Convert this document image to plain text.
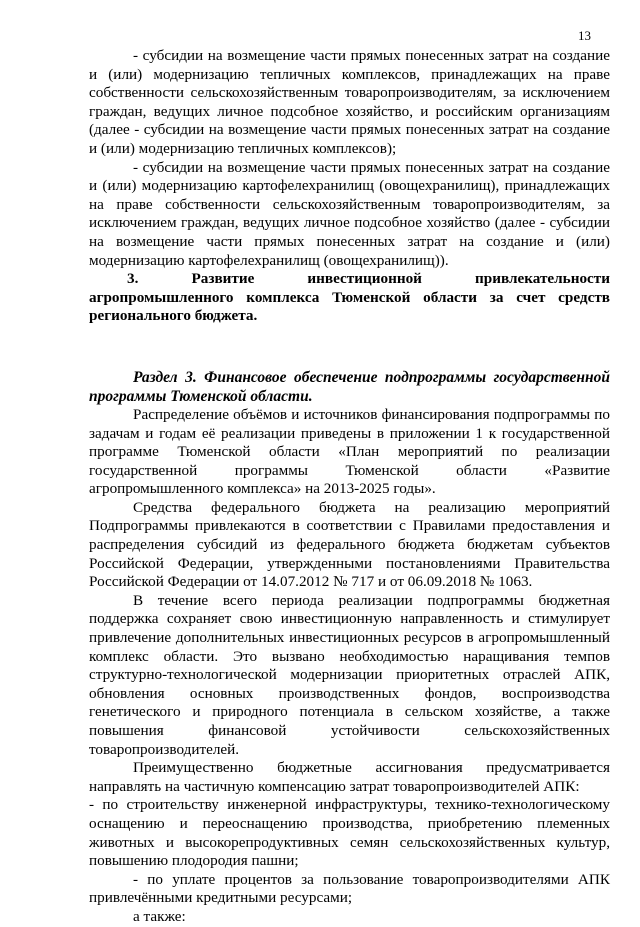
13

- субсидии на возмещение части прямых понесенных затрат на создание и (или) модернизацию тепличных комплексов, принадлежащих на праве собственности сельскохозяйственным товаропроизводителям, за исключением граждан, ведущих личное подсобное хозяйство, и российским организациям (далее - субсидии на возмещение части прямых понесенных затрат на создание и (или) модернизацию тепличных комплексов);

- субсидии на возмещение части прямых понесенных затрат на создание и (или) модернизацию картофелехранилищ (овощехранилищ), принадлежащих на праве собственности сельскохозяйственным товаропроизводителям, за исключением граждан, ведущих личное подсобное хозяйство (далее - субсидии на возмещение части прямых понесенных затрат на создание и (или) модернизацию картофелехранилищ (овощехранилищ)).

3. Развитие инвестиционной привлекательности агропромышленного комплекса Тюменской области за счет средств регионального бюджета.

Раздел 3. Финансовое обеспечение подпрограммы государственной программы Тюменской области.

Распределение объёмов и источников финансирования подпрограммы по задачам и годам её реализации приведены в приложении 1 к государственной программе Тюменской области «План мероприятий по реализации государственной программы Тюменской области «Развитие агропромышленного комплекса» на 2013-2025 годы».

Средства федерального бюджета на реализацию мероприятий Подпрограммы привлекаются в соответствии с Правилами предоставления и распределения субсидий из федерального бюджета бюджетам субъектов Российской Федерации, утвержденными постановлениями Правительства Российской Федерации от 14.07.2012 № 717 и от 06.09.2018 № 1063.

В течение всего периода реализации подпрограммы бюджетная поддержка сохраняет свою инвестиционную направленность и стимулирует привлечение дополнительных инвестиционных ресурсов в агропромышленный комплекс области. Это вызвано необходимостью наращивания темпов структурно-технологической модернизации приоритетных отраслей АПК, обновления основных производственных фондов, воспроизводства генетического и природного потенциала в сельском хозяйстве, а также повышения финансовой устойчивости сельскохозяйственных товаропроизводителей.

Преимущественно бюджетные ассигнования предусматривается направлять на частичную компенсацию затрат товаропроизводителей АПК:

- по строительству инженерной инфраструктуры, технико-технологическому оснащению и переоснащению производства, приобретению племенных животных и высокорепродуктивных семян сельскохозяйственных культур, повышению плодородия пашни;

- по уплате процентов за пользование товаропроизводителями АПК привлечёнными кредитными ресурсами;

а также:
